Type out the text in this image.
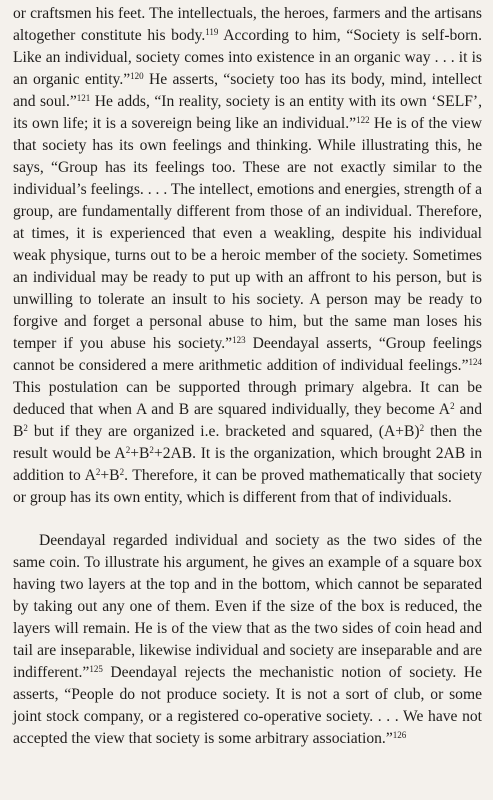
or craftsmen his feet. The intellectuals, the heroes, farmers and the artisans altogether constitute his body.$^{119}$ According to him, “Society is self-born. Like an individual, society comes into existence in an organic way . . . it is an organic entity.”$^{120}$ He asserts, “society too has its body, mind, intellect and soul.”$^{121}$ He adds, “In reality, society is an entity with its own ‘SELF’, its own life; it is a sovereign being like an individual.”$^{122}$ He is of the view that society has its own feelings and thinking. While illustrating this, he says, “Group has its feelings too. These are not exactly similar to the individual’s feelings. . . . The intellect, emotions and energies, strength of a group, are fundamentally different from those of an individual. Therefore, at times, it is experienced that even a weakling, despite his individual weak physique, turns out to be a heroic member of the society. Sometimes an individual may be ready to put up with an affront to his person, but is unwilling to tolerate an insult to his society. A person may be ready to forgive and forget a personal abuse to him, but the same man loses his temper if you abuse his society.”$^{123}$ Deendayal asserts, “Group feelings cannot be considered a mere arithmetic addition of individual feelings.”$^{124}$ This postulation can be supported through primary algebra. It can be deduced that when A and B are squared individually, they become $A^2$ and $B^2$ but if they are organized i.e. bracketed and squared, $(A+B)^2$ then the result would be $A^2+B^2+2AB$. It is the organization, which brought 2AB in addition to $A^2+B^2$. Therefore, it can be proved mathematically that society or group has its own entity, which is different from that of individuals.

Deendayal regarded individual and society as the two sides of the same coin. To illustrate his argument, he gives an example of a square box having two layers at the top and in the bottom, which cannot be separated by taking out any one of them. Even if the size of the box is reduced, the layers will remain. He is of the view that as the two sides of coin head and tail are inseparable, likewise individual and society are inseparable and are indifferent.”$^{125}$ Deendayal rejects the mechanistic notion of society. He asserts, “People do not produce society. It is not a sort of club, or some joint stock company, or a registered co-operative society. . . . We have not accepted the view that society is some arbitrary association.”$^{126}$
